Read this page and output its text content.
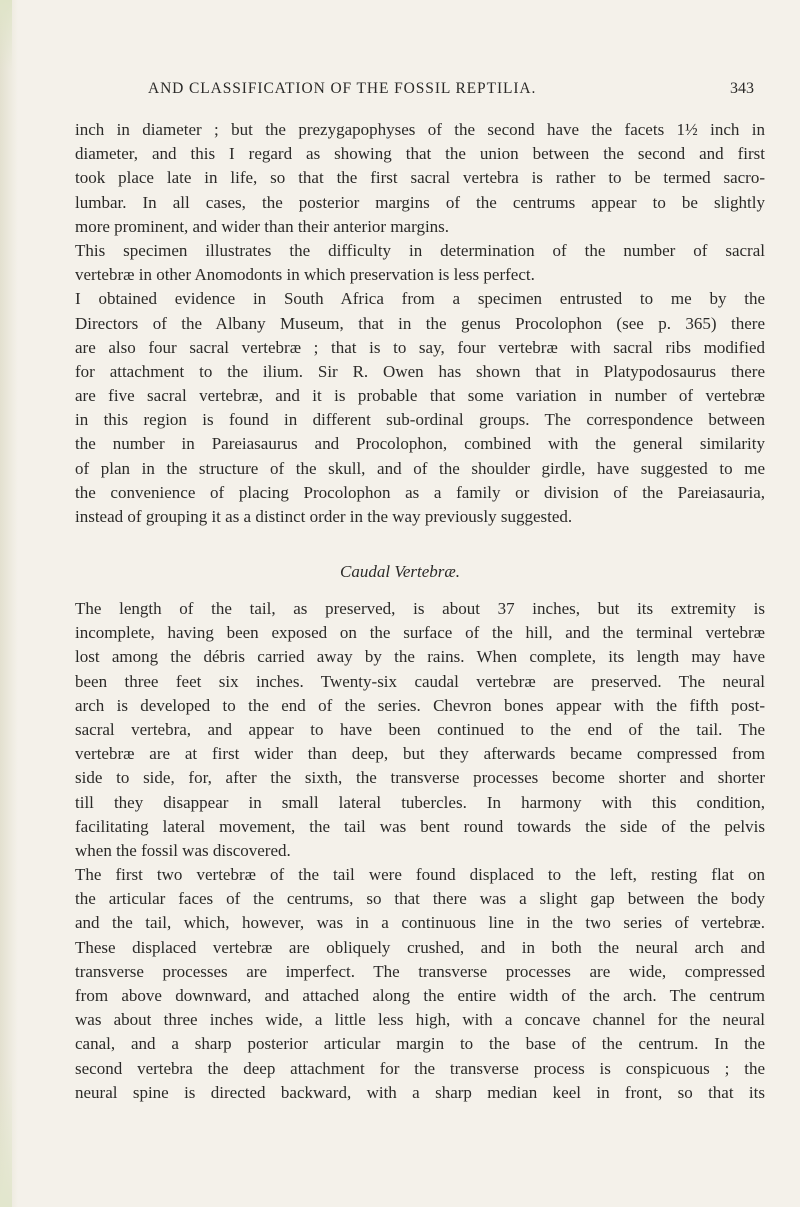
AND CLASSIFICATION OF THE FOSSIL REPTILIA.	343
inch in diameter ; but the prezygapophyses of the second have the facets 1½ inch in
diameter, and this I regard as showing that the union between the second and first
took place late in life, so that the first sacral vertebra is rather to be termed sacro-
lumbar. In all cases, the posterior margins of the centrums appear to be slightly
more prominent, and wider than their anterior margins.
This specimen illustrates the difficulty in determination of the number of sacral
vertebræ in other Anomodonts in which preservation is less perfect.
I obtained evidence in South Africa from a specimen entrusted to me by the
Directors of the Albany Museum, that in the genus Procolophon (see p. 365) there
are also four sacral vertebræ ; that is to say, four vertebræ with sacral ribs modified
for attachment to the ilium. Sir R. Owen has shown that in Platypodosaurus there
are five sacral vertebræ, and it is probable that some variation in number of vertebræ
in this region is found in different sub-ordinal groups. The correspondence between
the number in Pareiasaurus and Procolophon, combined with the general similarity
of plan in the structure of the skull, and of the shoulder girdle, have suggested to me
the convenience of placing Procolophon as a family or division of the Pareiasauria,
instead of grouping it as a distinct order in the way previously suggested.
Caudal Vertebræ.
The length of the tail, as preserved, is about 37 inches, but its extremity is
incomplete, having been exposed on the surface of the hill, and the terminal vertebræ
lost among the débris carried away by the rains. When complete, its length may have
been three feet six inches. Twenty-six caudal vertebræ are preserved. The neural
arch is developed to the end of the series. Chevron bones appear with the fifth post-
sacral vertebra, and appear to have been continued to the end of the tail. The
vertebræ are at first wider than deep, but they afterwards became compressed from
side to side, for, after the sixth, the transverse processes become shorter and shorter
till they disappear in small lateral tubercles. In harmony with this condition,
facilitating lateral movement, the tail was bent round towards the side of the pelvis
when the fossil was discovered.
The first two vertebræ of the tail were found displaced to the left, resting flat on
the articular faces of the centrums, so that there was a slight gap between the body
and the tail, which, however, was in a continuous line in the two series of vertebræ.
These displaced vertebræ are obliquely crushed, and in both the neural arch and
transverse processes are imperfect. The transverse processes are wide, compressed
from above downward, and attached along the entire width of the arch. The centrum
was about three inches wide, a little less high, with a concave channel for the neural
canal, and a sharp posterior articular margin to the base of the centrum. In the
second vertebra the deep attachment for the transverse process is conspicuous ; the
neural spine is directed backward, with a sharp median keel in front, so that its
